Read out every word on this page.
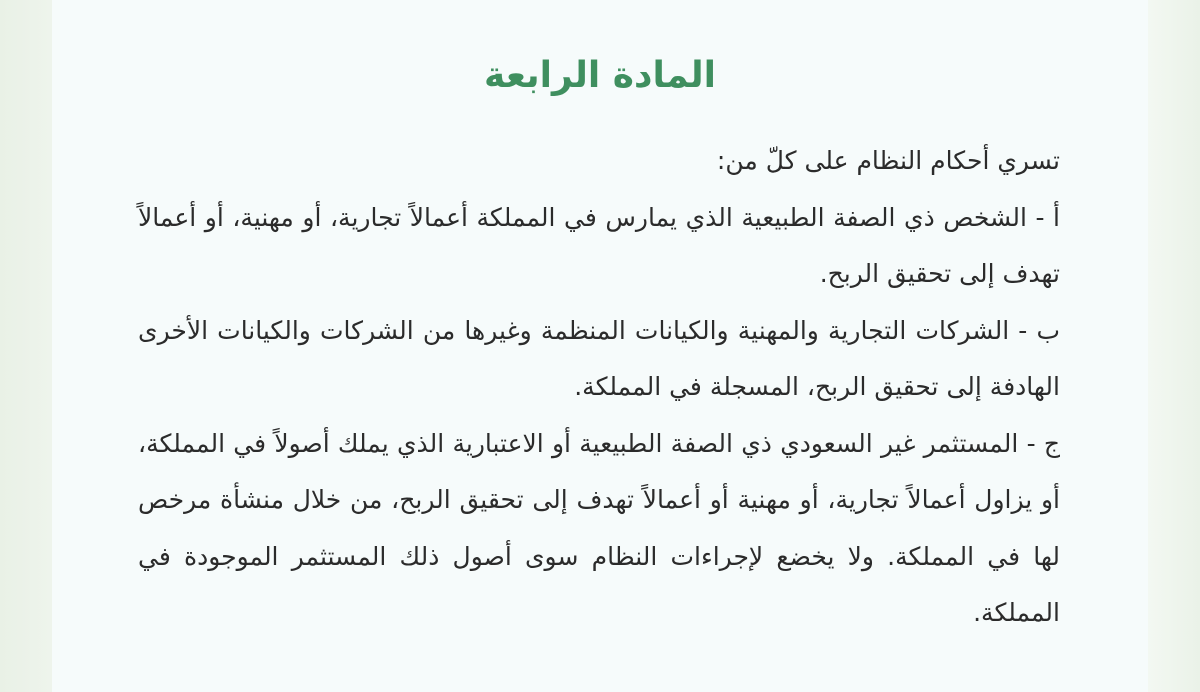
المادة الرابعة

تسري أحكام النظام على كلّ من:

أ - الشخص ذي الصفة الطبيعية الذي يمارس في المملكة أعمالاً تجارية، أو مهنية، أو أعمالاً تهدف إلى تحقيق الربح.

ب - الشركات التجارية والمهنية والكيانات المنظمة وغيرها من الشركات والكيانات الأخرى الهادفة إلى تحقيق الربح، المسجلة في المملكة.

ج - المستثمر غير السعودي ذي الصفة الطبيعية أو الاعتبارية الذي يملك أصولاً في المملكة، أو يزاول أعمالاً تجارية، أو مهنية أو أعمالاً تهدف إلى تحقيق الربح، من خلال منشأة مرخص لها في المملكة. ولا يخضع لإجراءات النظام سوى أصول ذلك المستثمر الموجودة في المملكة.
